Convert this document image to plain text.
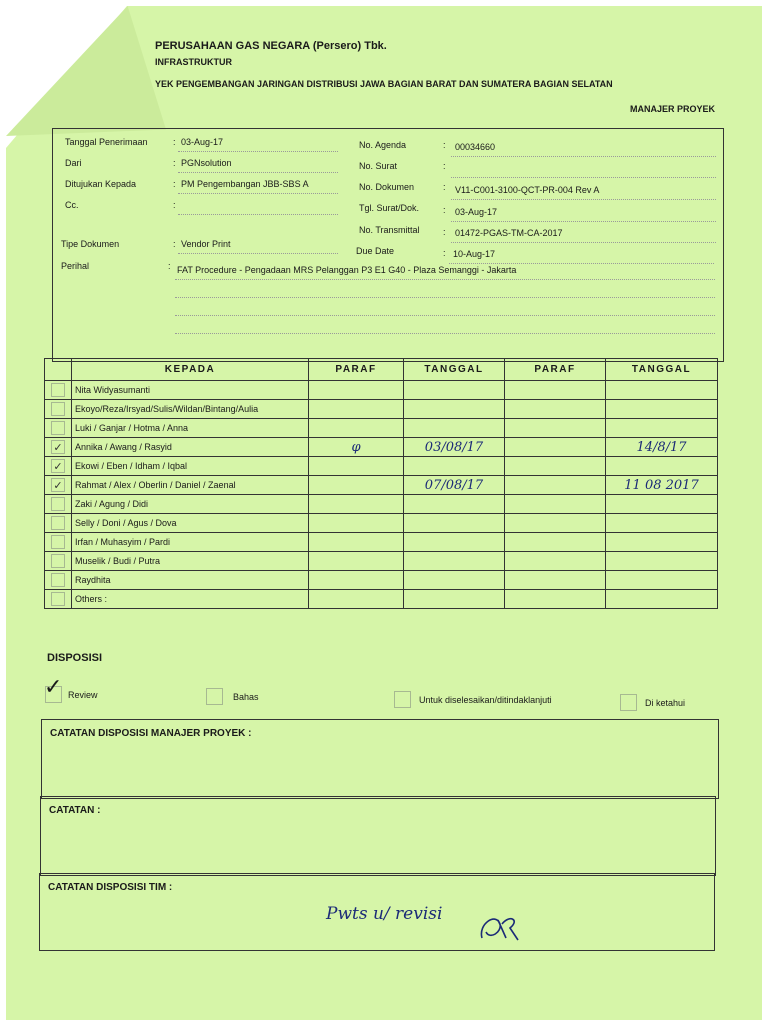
PERUSAHAAN GAS NEGARA (Persero) Tbk.
INFRASTRUKTUR
YEK PENGEMBANGAN JARINGAN DISTRIBUSI JAWA BAGIAN BARAT DAN SUMATERA BAGIAN SELATAN
MANAJER PROYEK
Tanggal Penerimaan	: 03-Aug-17
Dari	: PGNsolution
Ditujukan Kepada	: PM Pengembangan JBB-SBS A
Cc.	:
Tipe Dokumen	: Vendor Print
Perihal	: FAT Procedure - Pengadaan MRS Pelanggan P3 E1 G40 - Plaza Semanggi - Jakarta
No. Agenda	: 00034660
No. Surat	:
No. Dokumen	: V11-C001-3100-QCT-PR-004 Rev A
Tgl. Surat/Dok.	: 03-Aug-17
No. Transmittal	: 01472-PGAS-TM-CA-2017
Due Date	: 10-Aug-17
	KEPADA	PARAF	TANGGAL	PARAF	TANGGAL
	Nita Widyasumanti				
	Ekoyo/Reza/Irsyad/Sulis/Wildan/Bintang/Aulia				
	Luki / Ganjar / Hotma / Anna				
✓	Annika / Awang / Rasyid	φ	03/08/17		14/8/17
✓	Ekowi / Eben / Idham / Iqbal				
✓	Rahmat / Alex / Oberlin / Daniel / Zaenal		07/08/17		11 08 2017
	Zaki / Agung / Didi				
	Selly / Doni / Agus / Dova				
	Irfan / Muhasyim / Pardi				
	Muselik / Budi / Putra				
	Raydhita				
	Others :				
DISPOSISI
✓ Review	Bahas	Untuk diselesaikan/ditindaklanjuti	Di ketahui
CATATAN DISPOSISI MANAJER PROYEK :
CATATAN :
CATATAN DISPOSISI TIM :
Pwts u/ revisi
